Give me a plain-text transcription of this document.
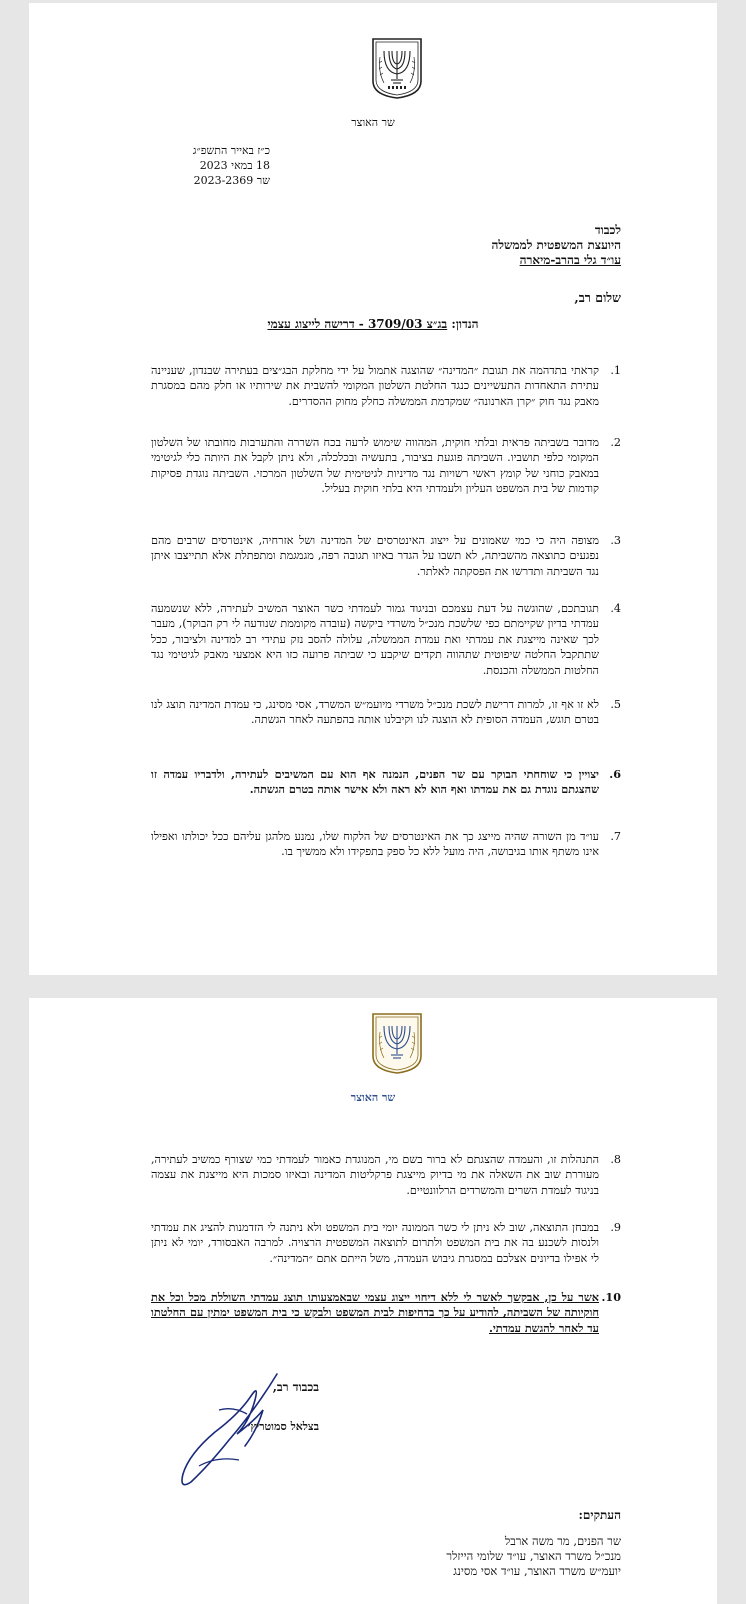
שר האוצר
כ״ז באייר התשפ״ג
18 במאי 2023
שר 2023-2369
לכבוד
היועצת המשפטית לממשלה
עו״ד גלי בהרב-מיארה
שלום רב,
הנדון: בג״צ 3709/03 - דרישה לייצוג עצמי
1.
קראתי בתדהמה את תגובת ״המדינה״ שהוצגה אתמול על ידי מחלקת הבג״צים בעתירה שבנדון, שעניינה עתירת התאחדות התעשיינים כנגד החלטת השלטון המקומי להשבית את שירותיו או חלק מהם במסגרת מאבק נגד חוק ״קרן הארנונה״ שמקדמת הממשלה כחלק מחוק ההסדרים.
2.
מדובר בשביתה פראית ובלתי חוקית, המהווה שימוש לרעה בכח השררה והתערבות מחובתו של השלטון המקומי כלפי תושביו. השביתה פוגעת בציבור, בתעשיה ובכלכלה, ולא ניתן לקבל את היותה כלי לגיטימי במאבק כוחני של קומץ ראשי רשויות נגד מדיניות לגיטימית של השלטון המרכזי. השביתה נוגדת פסיקות קודמות של בית המשפט העליון ולעמדתי היא בלתי חוקית בעליל.
3.
מצופה היה כי כמי שאמונים על ייצוג האינטרסים של המדינה ושל אזרחיה, אינטרסים שרבים מהם נפגעים כתוצאה מהשביתה, לא תשבו על הגדר באיזו תגובה רפה, מגמגמת ומתפתלת אלא תתייצבו איתן נגד השביתה ותדרשו את הפסקתה לאלתר.
4.
תגובתכם, שהוגשה על דעת עצמכם ובניגוד גמור לעמדתי כשר האוצר המשיב לעתירה, ללא שנשמעה עמדתי בדיון שקיימתם כפי שלשכת מנכ״ל משרדי ביקשה (עובדה מקוממת שנודעה לי רק הבוקר), מעבר לכך שאינה מייצגת את עמדתי ואת עמדת הממשלה, עלולה להסב נזק עתידי רב למדינה ולציבור, ככל שתתקבל החלטה שיפוטית שתהווה תקדים שיקבע כי שביתה פרועה כזו היא אמצעי מאבק לגיטימי נגד החלטות הממשלה והכנסת.
5.
לא זו אף זו, למרות דרישת לשכת מנכ״ל משרדי מיועמ״ש המשרד, אסי מסינג, כי עמדת המדינה תוצג לנו בטרם תוגש, העמדה הסופית לא הוצגה לנו וקיבלנו אותה בהפתעה לאחר הגשתה.
6.
יצויין כי שוחחתי הבוקר עם שר הפנים, הנמנה אף הוא עם המשיבים לעתירה, ולדבריו עמדה זו שהצגתם נוגדת גם את עמדתו ואף הוא לא ראה ולא אישר אותה בטרם הגשתה.
7.
עו״ד מן השורה שהיה מייצג כך את האינטרסים של הלקוח שלו, נמנע מלהגן עליהם ככל יכולתו ואפילו אינו משתף אותו בגיבושה, היה מועל ללא כל ספק בתפקידו ולא ממשיך בו.
שר האוצר
8.
התנהלות זו, והעמדה שהצגתם לא ברור בשם מי, המנוגדת כאמור לעמדתי כמי שצורף כמשיב לעתירה, מעוררת שוב את השאלה את מי בדיוק מייצגת פרקליטות המדינה ובאיזו סמכות היא מייצגת את עצמה בניגוד לעמדת השרים והמשרדים הרלוונטיים.
9.
במבחן התוצאה, שוב לא ניתן לי כשר הממונה יומי בית המשפט ולא ניתנה לי הזדמנות להציג את עמדתי ולנסות לשכנע בה את בית המשפט ולתרום לתוצאה המשפטית הרצויה. למרבה האבסורד, יומי לא ניתן לי אפילו בדיונים אצלכם במסגרת גיבוש העמדה, משל הייתם אתם ״המדינה״.
10.
אשר על כן, אבקשך לאשר לי ללא דיחוי ייצוג עצמי שבאמצעותו תוצג עמדתי השוללת מכל וכל את חוקיותה של השביתה, להודיע על כך בדחיפות לבית המשפט ולבקש כי בית המשפט ימתין עם החלטתו עד לאחר להגשת עמדתי.
בכבוד רב,
בצלאל סמוטריץ׳
העתקים:
שר הפנים, מר משה ארבל
מנכ״ל משרד האוצר, עו״ד שלומי הייזלר
יועמ״ש משרד האוצר, עו״ד אסי מסינג
